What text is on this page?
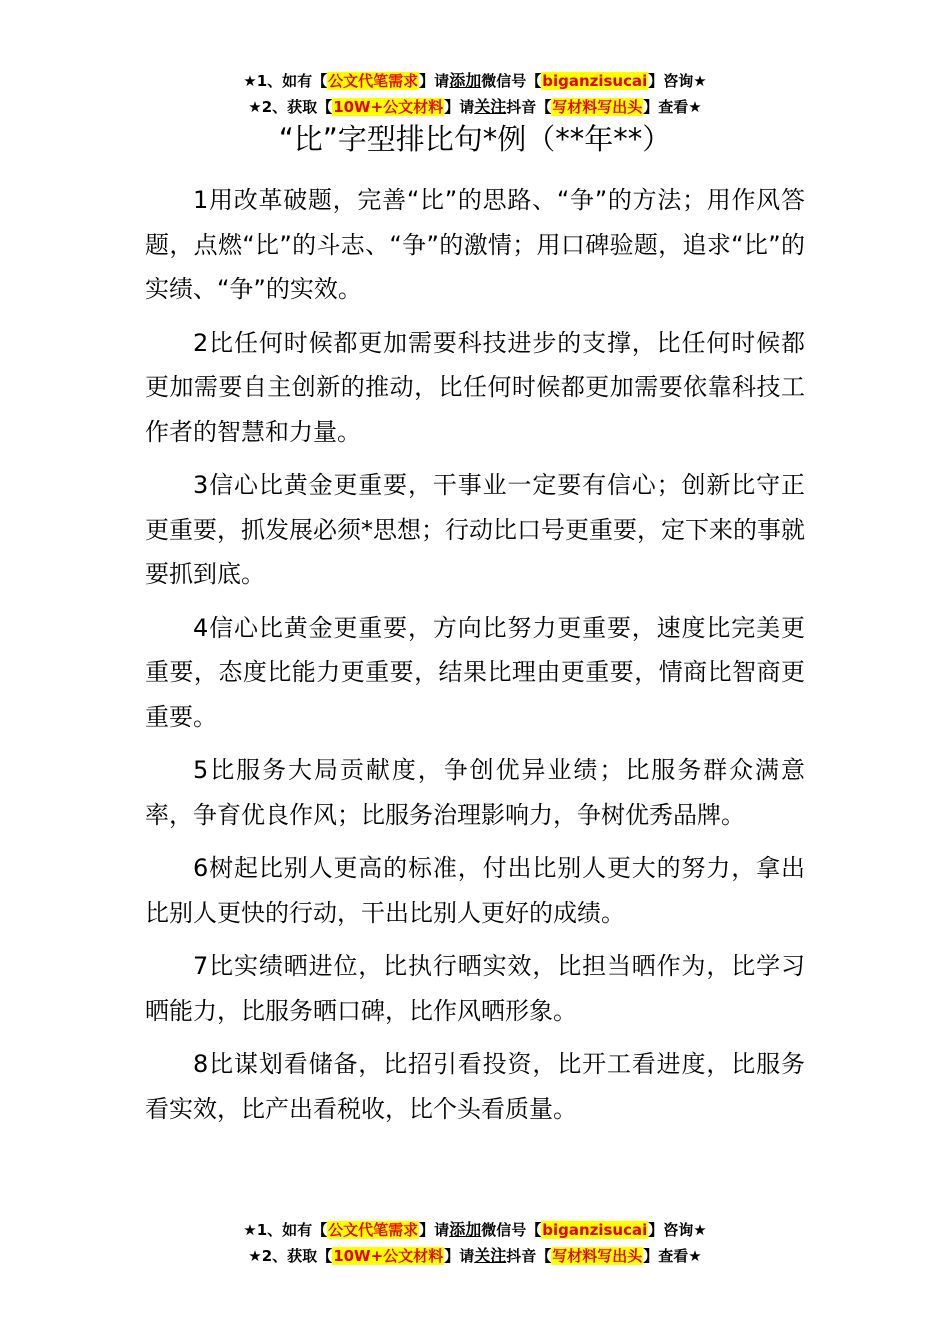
★1、如有【公文代笔需求】请添加微信号【biganzisucai】咨询★
★2、获取【10W+公文材料】请关注抖音【写材料写出头】查看★
“比”字型排比句*例（**年**）

1用改革破题，完善“比”的思路、“争”的方法；用作风答题，点燃“比”的斗志、“争”的激情；用口碑验题，追求“比”的实绩、“争”的实效。

2比任何时候都更加需要科技进步的支撑，比任何时候都更加需要自主创新的推动，比任何时候都更加需要依靠科技工作者的智慧和力量。

3信心比黄金更重要，干事业一定要有信心；创新比守正更重要，抓发展必须*思想；行动比口号更重要，定下来的事就要抓到底。

4信心比黄金更重要，方向比努力更重要，速度比完美更重要，态度比能力更重要，结果比理由更重要，情商比智商更重要。

5比服务大局贡献度，争创优异业绩；比服务群众满意率，争育优良作风；比服务治理影响力，争树优秀品牌。

6树起比别人更高的标准，付出比别人更大的努力，拿出比别人更快的行动，干出比别人更好的成绩。

7比实绩晒进位，比执行晒实效，比担当晒作为，比学习晒能力，比服务晒口碑，比作风晒形象。

8比谋划看储备，比招引看投资，比开工看进度，比服务看实效，比产出看税收，比个头看质量。

★1、如有【公文代笔需求】请添加微信号【biganzisucai】咨询★
★2、获取【10W+公文材料】请关注抖音【写材料写出头】查看★
